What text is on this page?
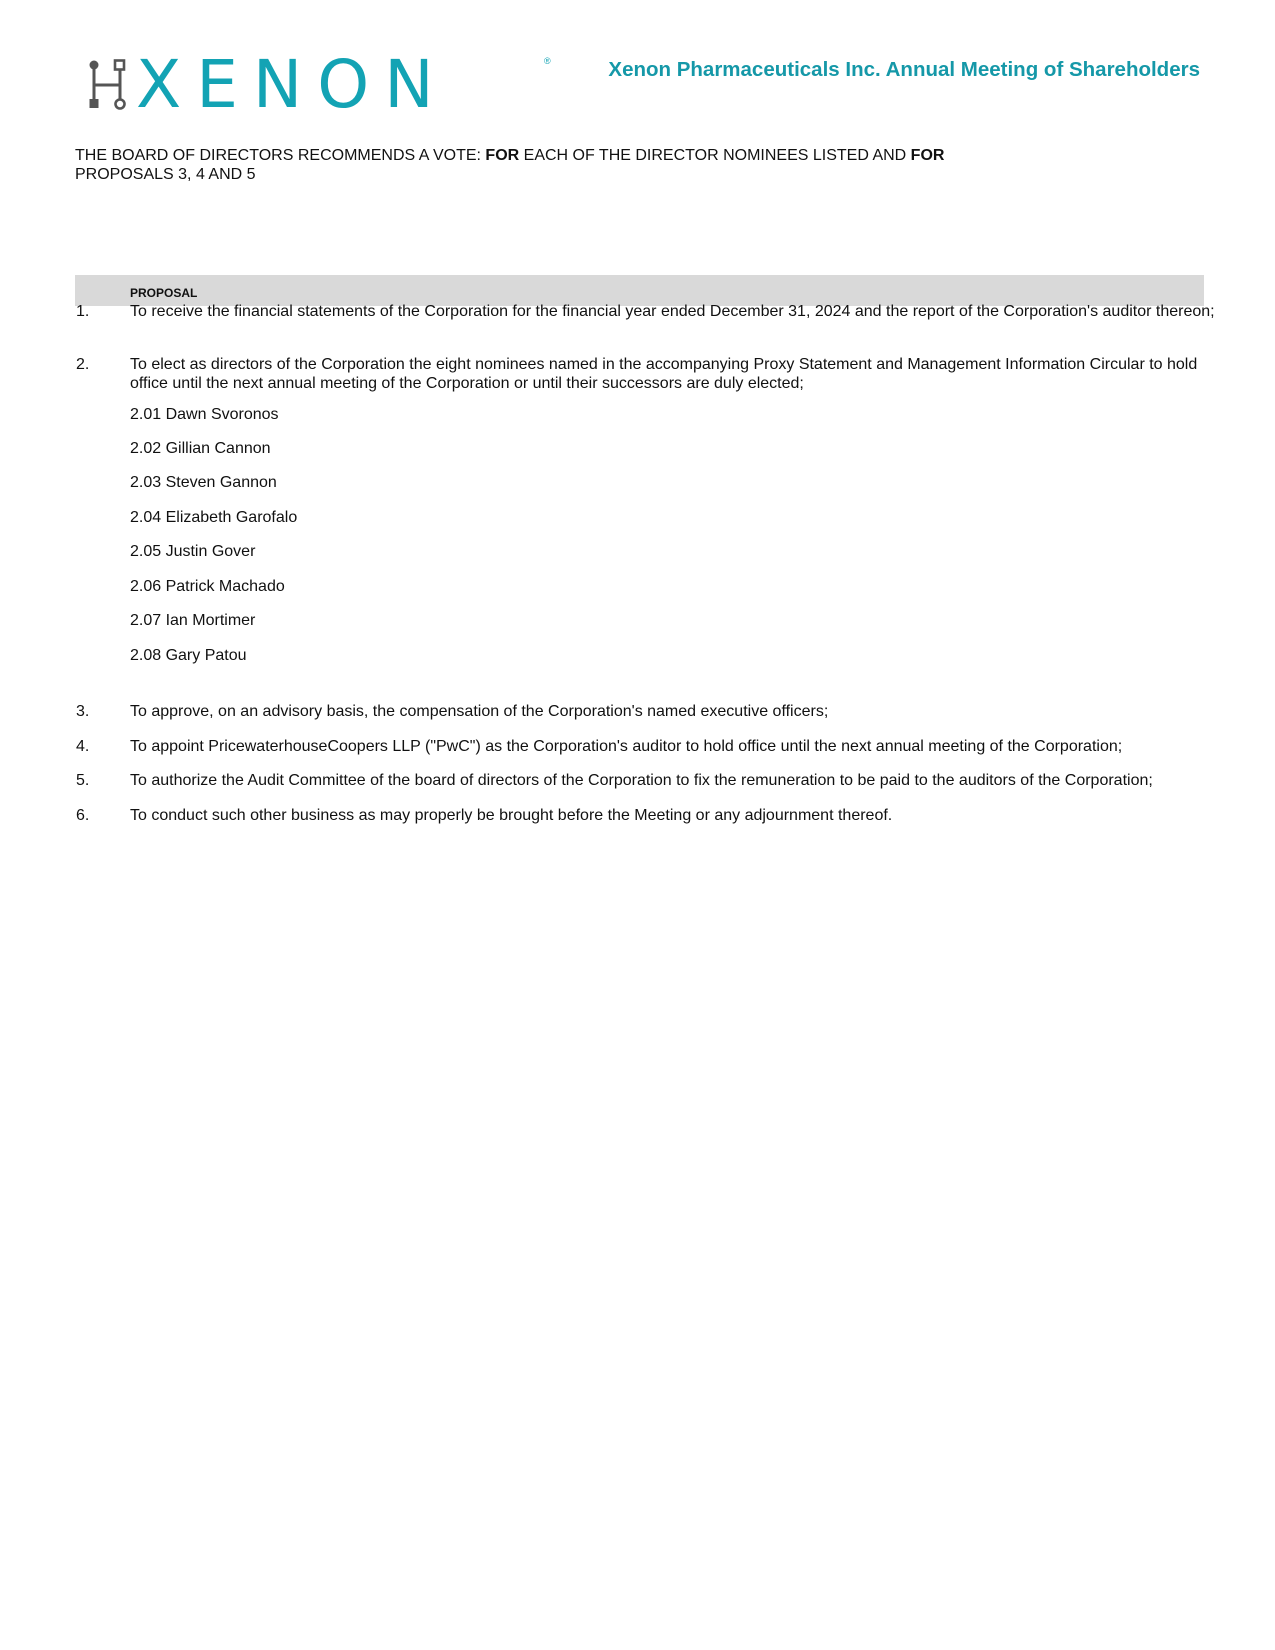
XENON	®	Xenon Pharmaceuticals Inc. Annual Meeting of Shareholders
THE BOARD OF DIRECTORS RECOMMENDS A VOTE: FOR EACH OF THE DIRECTOR NOMINEES LISTED AND FOR
PROPOSALS 3, 4 AND 5
PROPOSAL
1.	To receive the financial statements of the Corporation for the financial year ended December 31, 2024 and the report of the Corporation's auditor thereon;
2.	To elect as directors of the Corporation the eight nominees named in the accompanying Proxy Statement and Management Information Circular to hold office until the next annual meeting of the Corporation or until their successors are duly elected;
2.01 Dawn Svoronos
2.02 Gillian Cannon
2.03 Steven Gannon
2.04 Elizabeth Garofalo
2.05 Justin Gover
2.06 Patrick Machado
2.07 Ian Mortimer
2.08 Gary Patou
3.	To approve, on an advisory basis, the compensation of the Corporation's named executive officers;
4.	To appoint PricewaterhouseCoopers LLP ("PwC") as the Corporation's auditor to hold office until the next annual meeting of the Corporation;
5.	To authorize the Audit Committee of the board of directors of the Corporation to fix the remuneration to be paid to the auditors of the Corporation;
6.	To conduct such other business as may properly be brought before the Meeting or any adjournment thereof.
